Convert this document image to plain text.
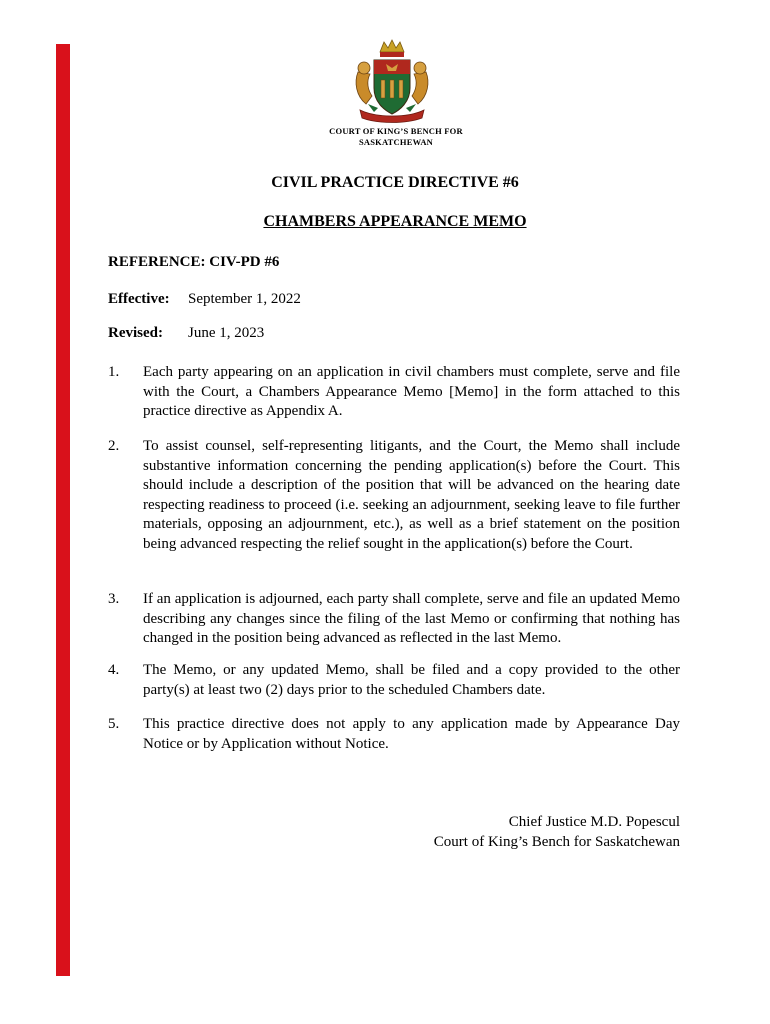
COURT OF KING’S BENCH FOR
SASKATCHEWAN
CIVIL PRACTICE DIRECTIVE #6
CHAMBERS APPEARANCE MEMO
REFERENCE: CIV-PD #6
Effective: September 1, 2022
Revised: June 1, 2023
1. Each party appearing on an application in civil chambers must complete, serve and file with the Court, a Chambers Appearance Memo [Memo] in the form attached to this practice directive as Appendix A.
2. To assist counsel, self-representing litigants, and the Court, the Memo shall include substantive information concerning the pending application(s) before the Court. This should include a description of the position that will be advanced on the hearing date respecting readiness to proceed (i.e. seeking an adjournment, seeking leave to file further materials, opposing an adjournment, etc.), as well as a brief statement on the position being advanced respecting the relief sought in the application(s) before the Court.
3. If an application is adjourned, each party shall complete, serve and file an updated Memo describing any changes since the filing of the last Memo or confirming that nothing has changed in the position being advanced as reflected in the last Memo.
4. The Memo, or any updated Memo, shall be filed and a copy provided to the other party(s) at least two (2) days prior to the scheduled Chambers date.
5. This practice directive does not apply to any application made by Appearance Day Notice or by Application without Notice.
Chief Justice M.D. Popescul
Court of King’s Bench for Saskatchewan
